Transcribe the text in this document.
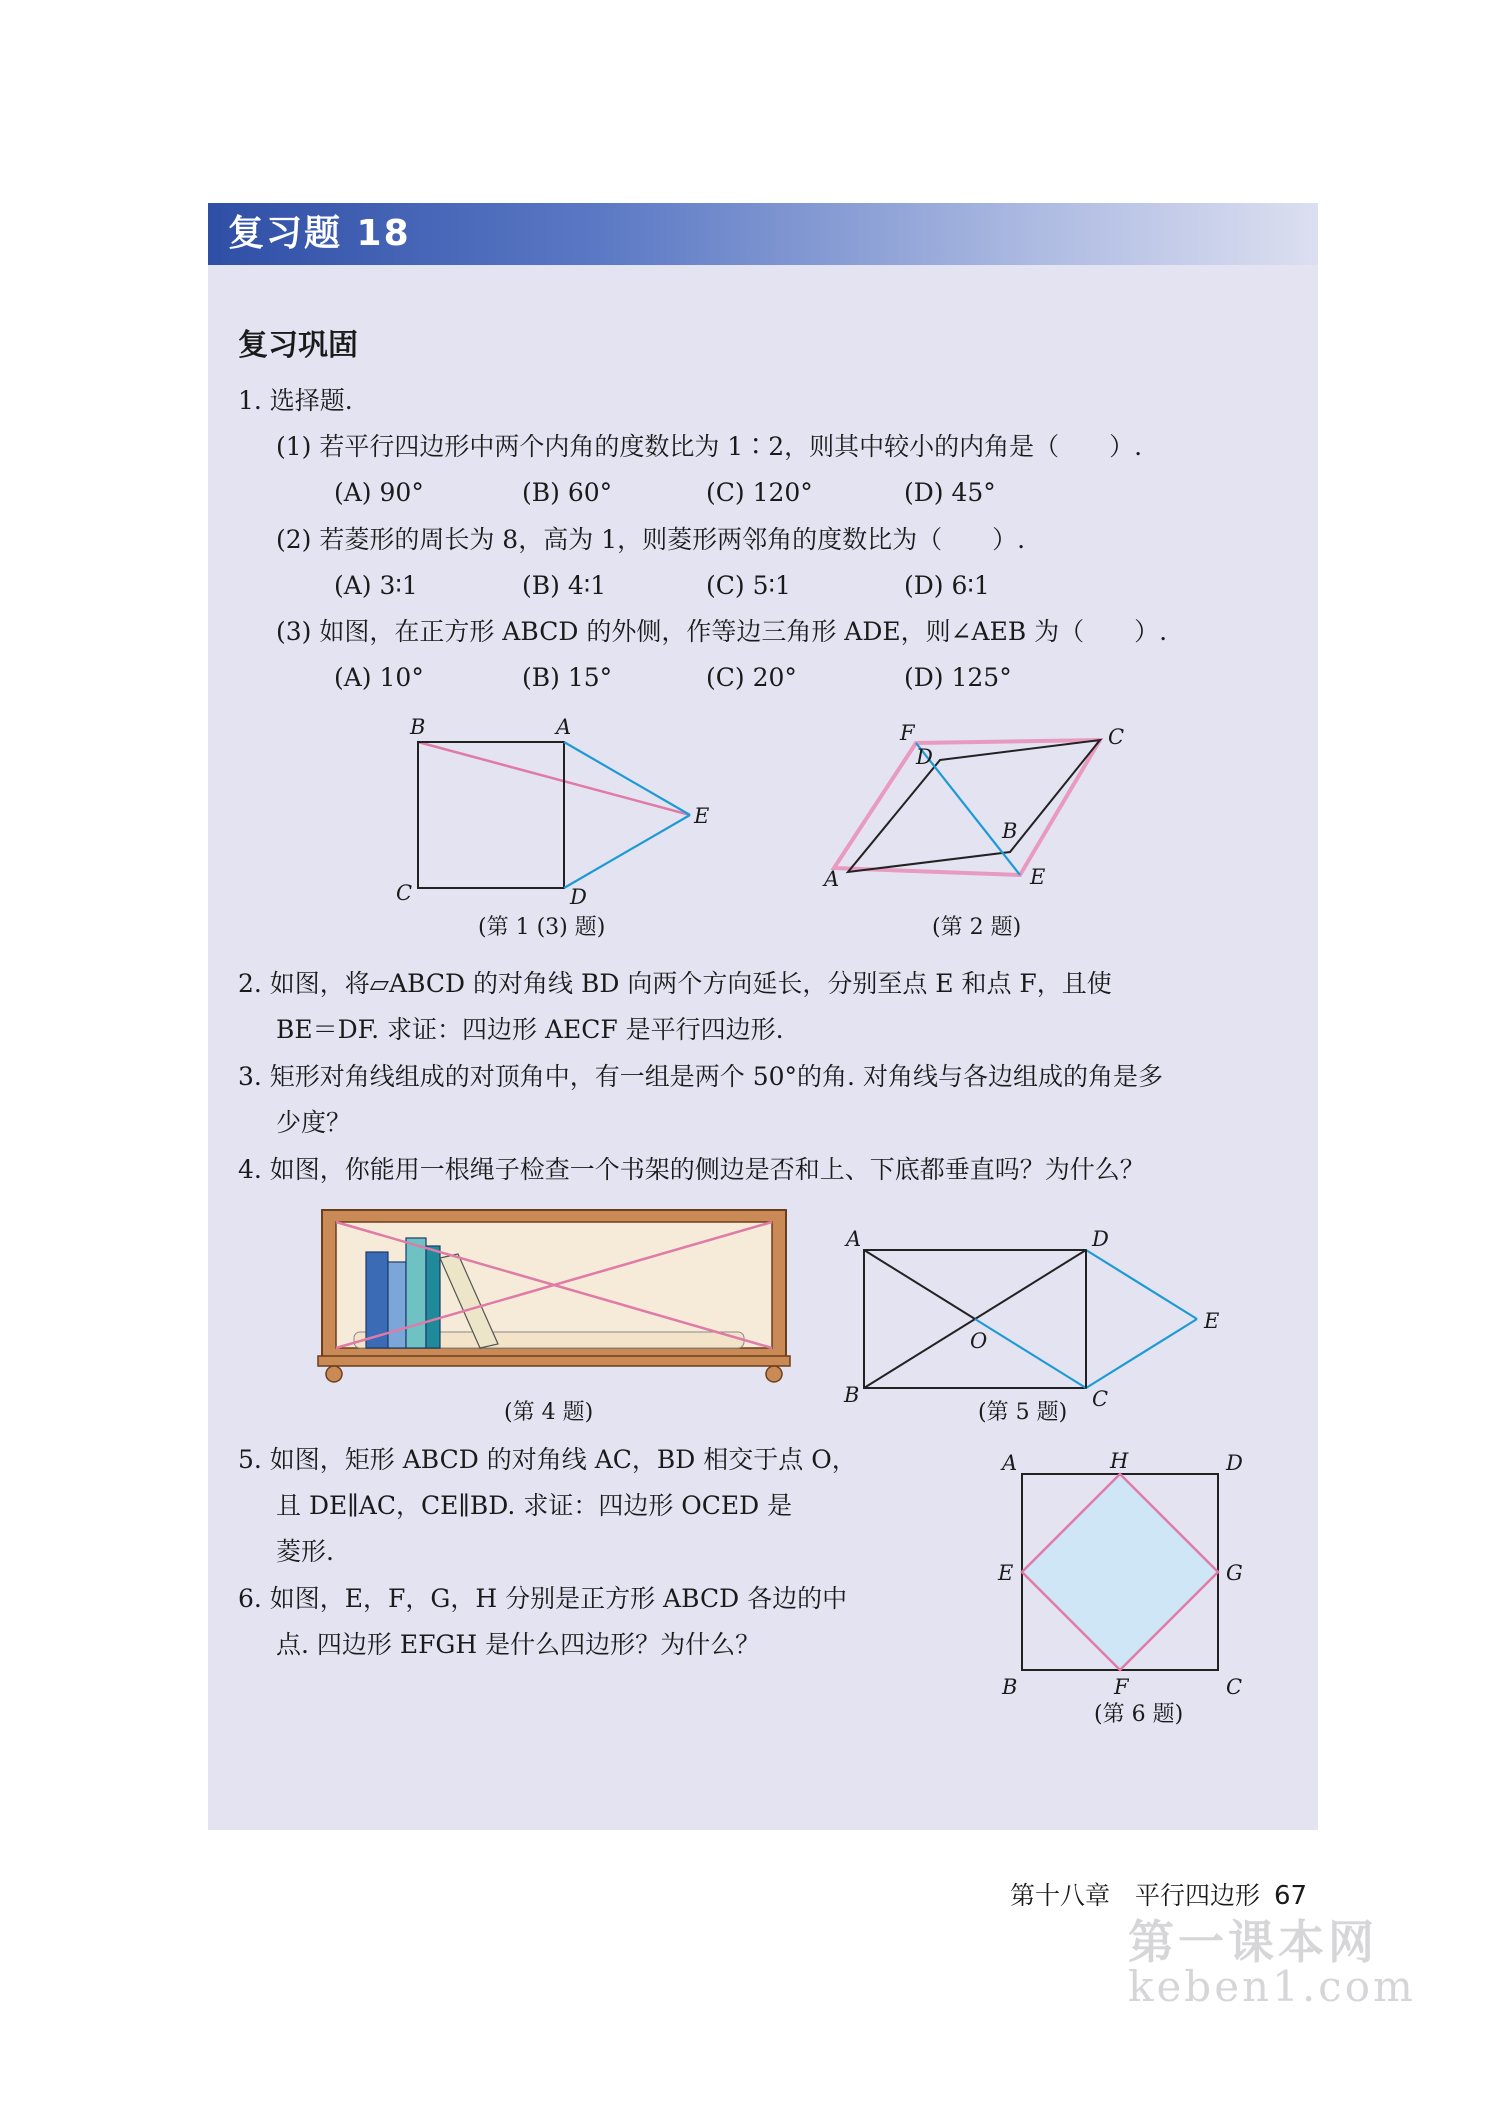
复习题 18
复习巩固
1. 选择题.
(1) 若平行四边形中两个内角的度数比为 1∶2，则其中较小的内角是（　　）.
(A) 90°	(B) 60°	(C) 120°	(D) 45°
(2) 若菱形的周长为 8，高为 1，则菱形两邻角的度数比为（　　）.
(A) 3∶1	(B) 4∶1	(C) 5∶1	(D) 6∶1
(3) 如图，在正方形 ABCD 的外侧，作等边三角形 ADE，则∠AEB 为（　　）.
(A) 10°	(B) 15°	(C) 20°	(D) 125°
B	A
E
C	D
(第 1 (3) 题)
F	C
D
B
A	E
(第 2 题)
2. 如图，将▱ABCD 的对角线 BD 向两个方向延长，分别至点 E 和点 F，且使
BE＝DF. 求证：四边形 AECF 是平行四边形.
3. 矩形对角线组成的对顶角中，有一组是两个 50°的角. 对角线与各边组成的角是多
少度？
4. 如图，你能用一根绳子检查一个书架的侧边是否和上、下底都垂直吗？为什么？
(第 4 题)
A	D
E
O
B	C
(第 5 题)
5. 如图，矩形 ABCD 的对角线 AC，BD 相交于点 O，
且 DE∥AC，CE∥BD. 求证：四边形 OCED 是
菱形.
6. 如图，E，F，G，H 分别是正方形 ABCD 各边的中
点. 四边形 EFGH 是什么四边形？为什么？
A	H	D
E	G
B	F	C
(第 6 题)
第十八章　平行四边形 67
第一课本网
keben1.com
